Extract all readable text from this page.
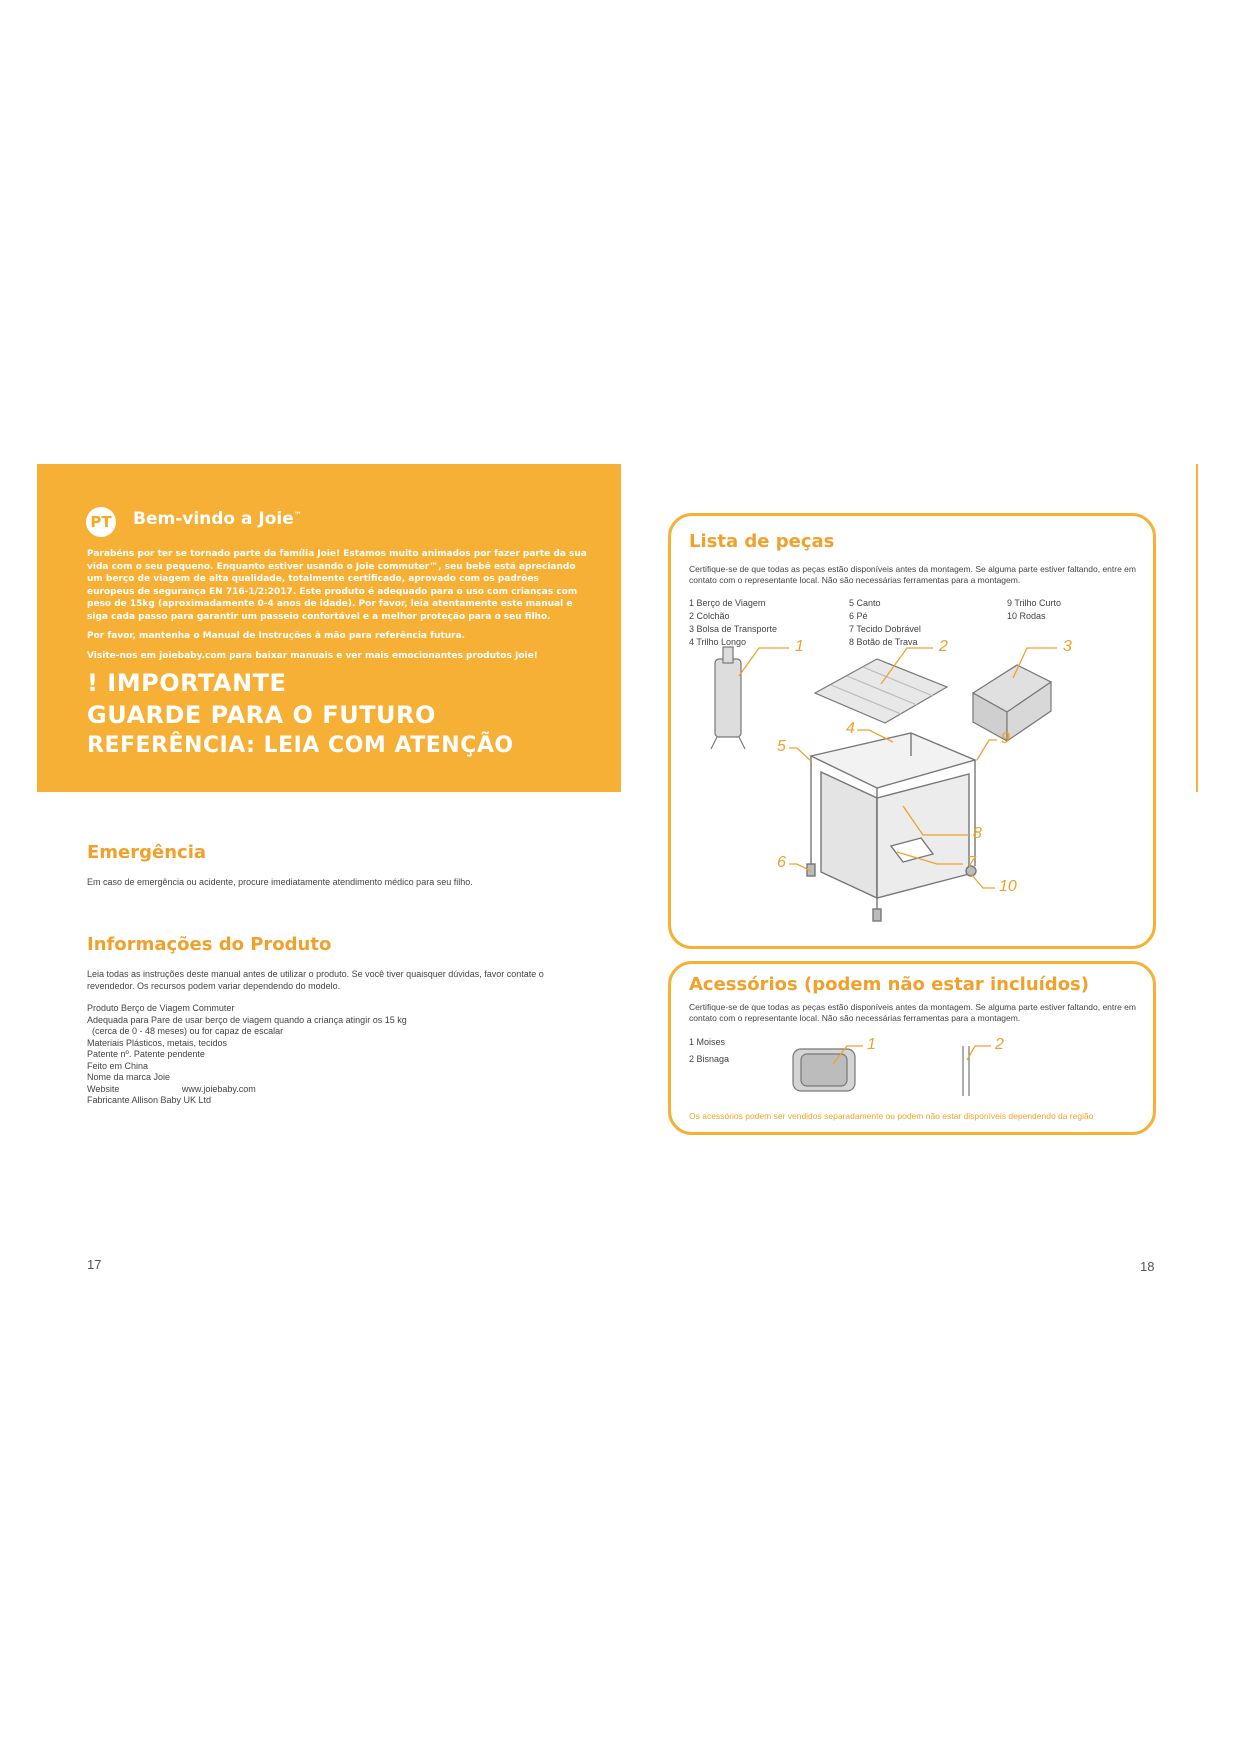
PT Bem-vindo a Joie™

Parabéns por ter se tornado parte da família Joie! Estamos muito animados por fazer parte da sua vida com o seu pequeno. Enquanto estiver usando o Joie commuter™, seu bebê está apreciando um berço de viagem de alta qualidade, totalmente certificado, aprovado com os padrões europeus de segurança EN 716-1/2:2017. Este produto é adequado para o uso com crianças com peso de 15kg (aproximadamente 0-4 anos de idade). Por favor, leia atentamente este manual e siga cada passo para garantir um passeio confortável e a melhor proteção para o seu filho.

Por favor, mantenha o Manual de Instruções à mão para referência futura.

Visite-nos em joiebaby.com para baixar manuais e ver mais emocionantes produtos Joie!

! IMPORTANTE
GUARDE PARA O FUTURO
REFERÊNCIA: LEIA COM ATENÇÃO
Emergência
Em caso de emergência ou acidente, procure imediatamente atendimento médico para seu filho.
Informações do Produto
Leia todas as instruções deste manual antes de utilizar o produto. Se você tiver quaisquer dúvidas, favor contate o revendedor. Os recursos podem variar dependendo do modelo.
Produto Berço de Viagem Commuter
Adequada para Pare de usar berço de viagem quando a criança atingir os 15 kg
(cerca de 0 - 48 meses) ou for capaz de escalar
Materiais Plásticos, metais, tecidos
Patente nº. Patente pendente
Feito em China
Nome da marca Joie
Website                         www.joiebaby.com
Fabricante Allison Baby UK Ltd
17
Lista de peças
Certifique-se de que todas as peças estão disponíveis antes da montagem. Se alguma parte estiver faltando, entre em contato com o representante local. Não são necessárias ferramentas para a montagem.
1 Berço de Viagem
2 Colchão
3 Bolsa de Transporte
4 Trilho Longo
5 Canto
6 Pé
7 Tecido Dobrável
8 Botão de Trava
9 Trilho Curto
10 Rodas
1	2	3
4
5
6	7
8
9
10
Acessórios (podem não estar incluídos)
Certifique-se de que todas as peças estão disponíveis antes da montagem. Se alguma parte estiver faltando, entre em contato com o representante local. Não são necessárias ferramentas para a montagem.
1 Moises
2 Bisnaga
1	2
Os acessórios podem ser vendidos separadamente ou podem não estar disponíveis dependendo da região
18
